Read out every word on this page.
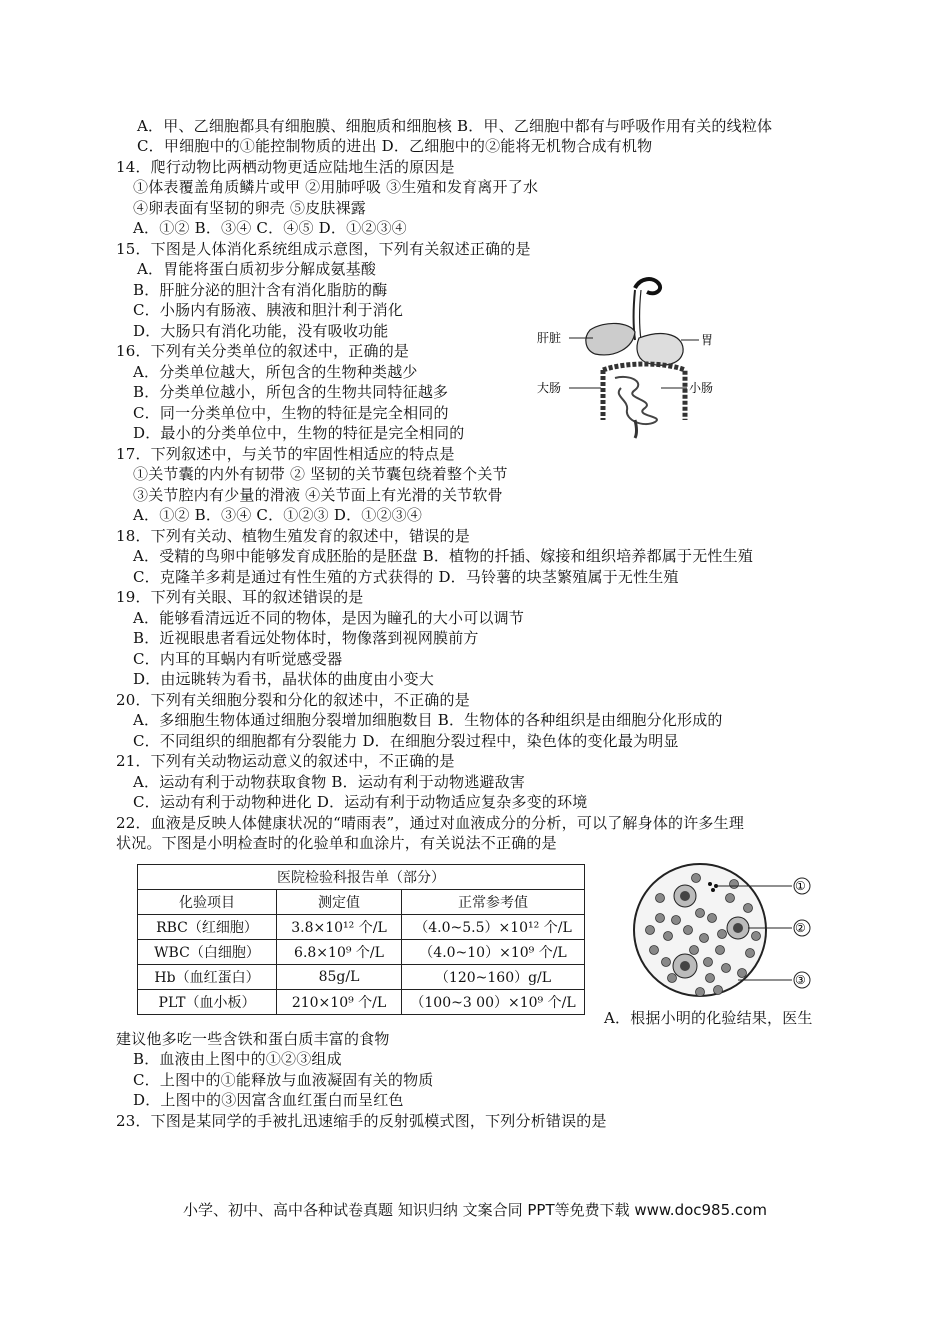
A．甲、乙细胞都具有细胞膜、细胞质和细胞核 B．甲、乙细胞中都有与呼吸作用有关的线粒体
C．甲细胞中的①能控制物质的进出 D．乙细胞中的②能将无机物合成有机物
14．爬行动物比两栖动物更适应陆地生活的原因是
①体表覆盖角质鳞片或甲 ②用肺呼吸 ③生殖和发育离开了水
④卵表面有坚韧的卵壳 ⑤皮肤裸露
A．①② B．③④ C．④⑤ D．①②③④
15．下图是人体消化系统组成示意图，下列有关叙述正确的是
A．胃能将蛋白质初步分解成氨基酸
B．肝脏分泌的胆汁含有消化脂肪的酶
C．小肠内有肠液、胰液和胆汁利于消化
D．大肠只有消化功能，没有吸收功能
16．下列有关分类单位的叙述中，正确的是
A．分类单位越大，所包含的生物种类越少
B．分类单位越小，所包含的生物共同特征越多
C．同一分类单位中，生物的特征是完全相同的
D．最小的分类单位中，生物的特征是完全相同的
17．下列叙述中，与关节的牢固性相适应的特点是
①关节囊的内外有韧带 ② 坚韧的关节囊包绕着整个关节
③关节腔内有少量的滑液 ④关节面上有光滑的关节软骨
A．①② B．③④ C．①②③ D．①②③④
18．下列有关动、植物生殖发育的叙述中，错误的是
A．受精的鸟卵中能够发育成胚胎的是胚盘 B．植物的扦插、嫁接和组织培养都属于无性生殖
C．克隆羊多莉是通过有性生殖的方式获得的 D．马铃薯的块茎繁殖属于无性生殖
19．下列有关眼、耳的叙述错误的是
A．能够看清远近不同的物体，是因为瞳孔的大小可以调节
B．近视眼患者看远处物体时，物像落到视网膜前方
C．内耳的耳蜗内有听觉感受器
D．由远眺转为看书，晶状体的曲度由小变大
20．下列有关细胞分裂和分化的叙述中，不正确的是
A．多细胞生物体通过细胞分裂增加细胞数目 B．生物体的各种组织是由细胞分化形成的
C．不同组织的细胞都有分裂能力 D．在细胞分裂过程中，染色体的变化最为明显
21．下列有关动物运动意义的叙述中，不正确的是
A．运动有利于动物获取食物 B．运动有利于动物逃避敌害
C．运动有利于动物种进化 D．运动有利于动物适应复杂多变的环境
22．血液是反映人体健康状况的“晴雨表”，通过对血液成分的分析，可以了解身体的许多生理
状况。下图是小明检查时的化验单和血涂片，有关说法不正确的是
A．根据小明的化验结果，医生
建议他多吃一些含铁和蛋白质丰富的食物
B．血液由上图中的①②③组成
C．上图中的①能释放与血液凝固有关的物质
D．上图中的③因富含血红蛋白而呈红色
23．下图是某同学的手被扎迅速缩手的反射弧模式图，下列分析错误的是
肝脏	胃
大肠	小肠
医院检验科报告单（部分）		
化验项目	测定值	正常参考值
RBC（红细胞）	3.8×10¹² 个/L	（4.0~5.5）×10¹² 个/L
WBC（白细胞）	6.8×10⁹ 个/L	（4.0~10）×10⁹ 个/L
Hb（血红蛋白）	85g/L	（120~160）g/L
PLT（血小板）	210×10⁹ 个/L	（100~3 00）×10⁹ 个/L
①
②
③
小学、初中、高中各种试卷真题 知识归纳 文案合同 PPT等免费下载 www.doc985.com
